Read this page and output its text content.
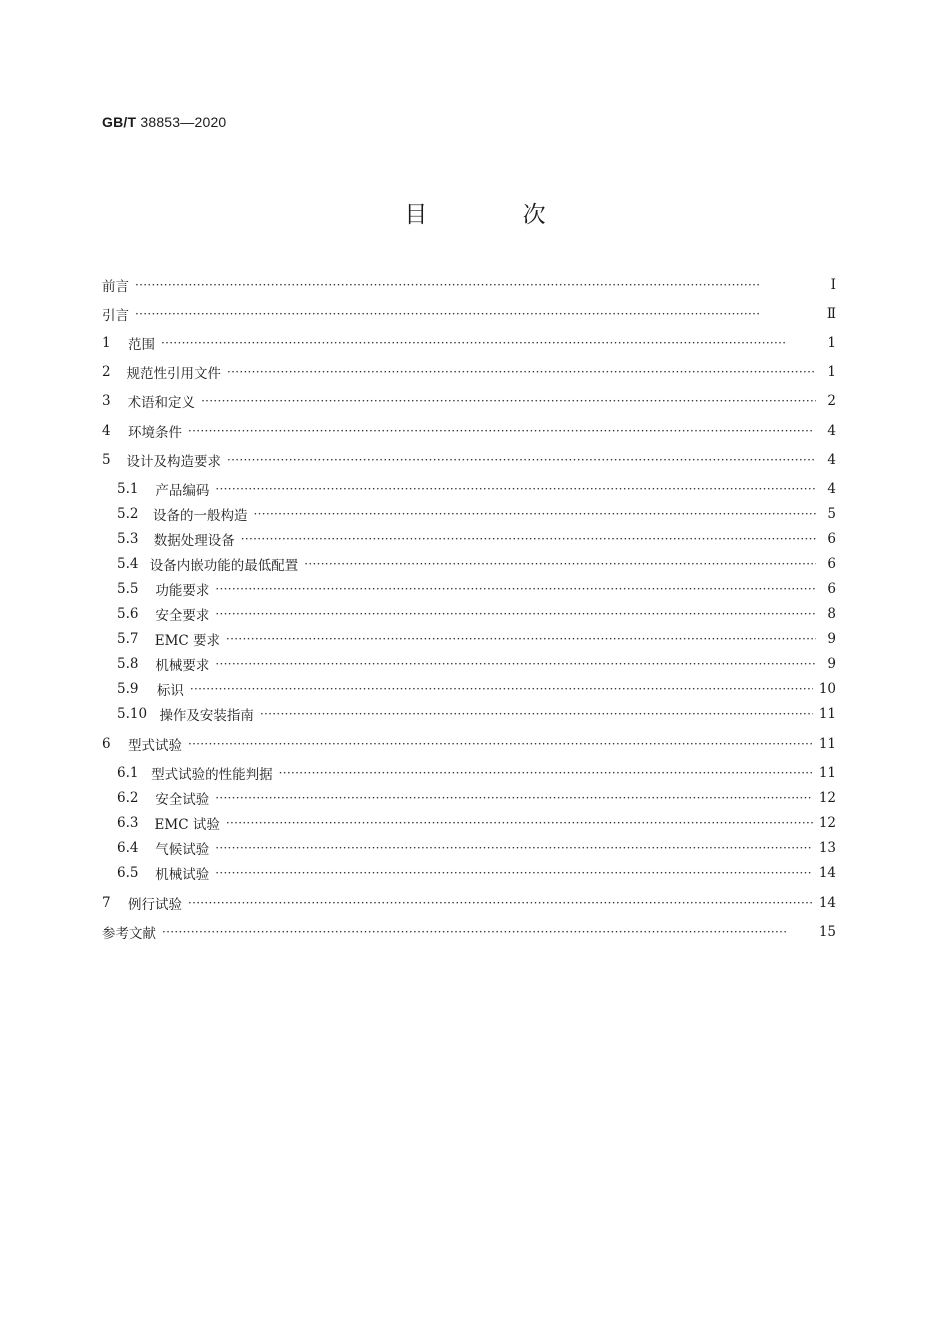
GB/T 38853—2020
目 次
前言 ·····	Ⅰ
引言 ·····	Ⅱ
1	范围 ·····	1
2	规范性引用文件 ·····	1
3	术语和定义 ·····	2
4	环境条件 ·····	4
5	设计及构造要求 ·····	4
5.1	产品编码 ·····	4
5.2	设备的一般构造 ·····	5
5.3	数据处理设备 ·····	6
5.4 设备内嵌功能的最低配置 ·····	6
5.5	功能要求 ·····	6
5.6	安全要求 ·····	8
5.7	EMC 要求 ·····	9
5.8	机械要求 ·····	9
5.9	标识 ·····	10
5.10 操作及安装指南 ·····	11
6	型式试验 ·····	11
6.1 型式试验的性能判据 ·····	11
6.2	安全试验 ·····	12
6.3	EMC 试验 ·····	12
6.4	气候试验 ·····	13
6.5	机械试验 ·····	14
7	例行试验 ·····	14
参考文献 ·····	15
